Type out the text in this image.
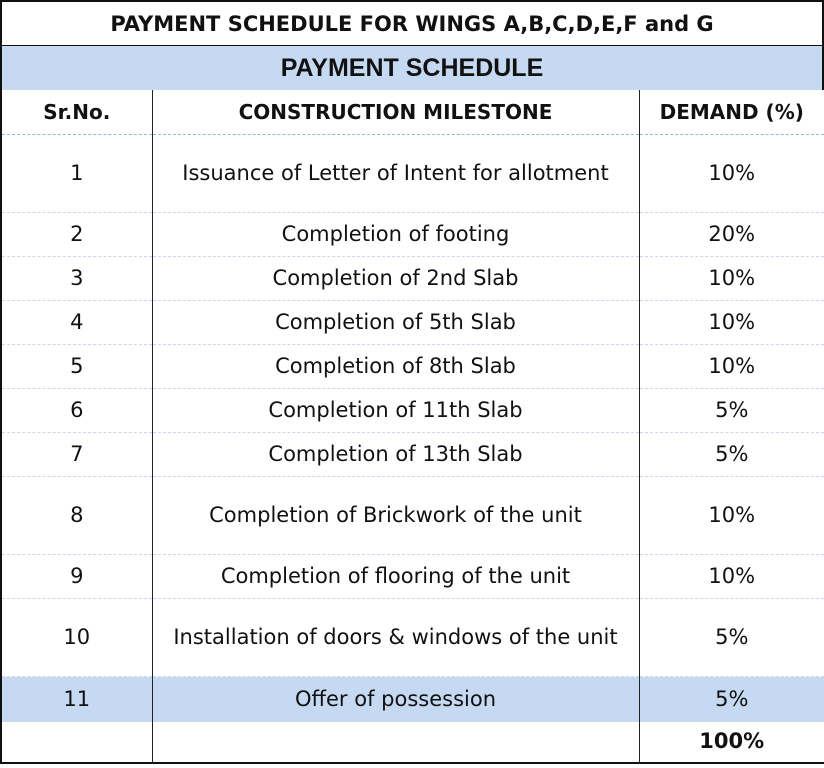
PAYMENT SCHEDULE FOR WINGS A,B,C,D,E,F and G
PAYMENT SCHEDULE
Sr.No.	CONSTRUCTION MILESTONE	DEMAND (%)
1	Issuance of Letter of Intent for allotment	10%
2	Completion of footing	20%
3	Completion of 2nd Slab	10%
4	Completion of 5th Slab	10%
5	Completion of 8th Slab	10%
6	Completion of 11th Slab	5%
7	Completion of 13th Slab	5%
8	Completion of Brickwork of the unit	10%
9	Completion of flooring of the unit	10%
10	Installation of doors & windows of the unit	5%
11	Offer of possession	5%
		100%
